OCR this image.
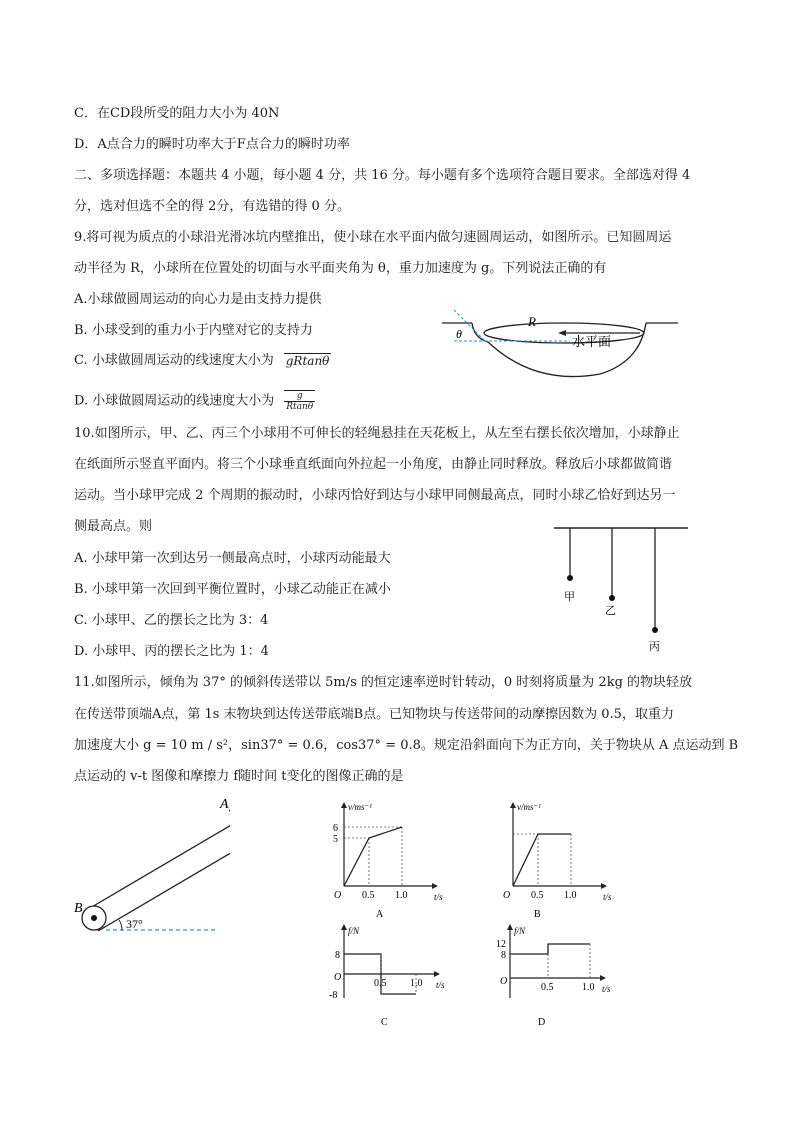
C．在CD段所受的阻力大小为 40N
D．A点合力的瞬时功率大于F点合力的瞬时功率
二、多项选择题：本题共 4 小题，每小题 4 分，共 16 分。每小题有多个选项符合题目要求。全部选对得 4
分，选对但选不全的得 2分，有选错的得 0 分。
9.将可视为质点的小球沿光滑冰坑内壁推出，使小球在水平面内做匀速圆周运动，如图所示。已知圆周运
动半径为 R，小球所在位置处的切面与水平面夹角为 θ，重力加速度为 g。下列说法正确的有
A.小球做圆周运动的向心力是由支持力提供
B. 小球受到的重力小于内壁对它的支持力
C. 小球做圆周运动的线速度大小为 gRtanθ
D. 小球做圆周运动的线速度大小为 $\frac{g}{Rtan\theta}$
θ
R
水平面
10.如图所示，甲、乙、丙三个小球用不可伸长的轻绳悬挂在天花板上，从左至右摆长依次增加，小球静止
在纸面所示竖直平面内。将三个小球垂直纸面向外拉起一小角度，由静止同时释放。释放后小球都做简谐
运动。当小球甲完成 2 个周期的振动时，小球丙恰好到达与小球甲同侧最高点，同时小球乙恰好到达另一
侧最高点。则
A. 小球甲第一次到达另一侧最高点时，小球丙动能最大
B. 小球甲第一次回到平衡位置时，小球乙动能正在减小
C. 小球甲、乙的摆长之比为 3：4
D. 小球甲、丙的摆长之比为 1：4
甲
乙
丙
11.如图所示，倾角为 37° 的倾斜传送带以 5m/s 的恒定速率逆时针转动，0 时刻将质量为 2kg 的物块轻放
在传送带顶端A点，第 1s 末物块到达传送带底端B点。已知物块与传送带间的动摩擦因数为 0.5，取重力
加速度大小 g = 10 m / s²，sin37° = 0.6，cos37° = 0.8。规定沿斜面向下为正方向，关于物块从 A 点运动到 B
点运动的 v-t 图像和摩擦力 f随时间 t变化的图像正确的是
37°
B
A	v/ms⁻¹
t/s
O
6
5
0.5 1.0
A
v/ms⁻¹
t/s
O 0.5 1.0
B
f/N
t/s
O
8
-8
0.5 1.0
C
f/N
t/s
O
12
8
0.5	1.0
D
